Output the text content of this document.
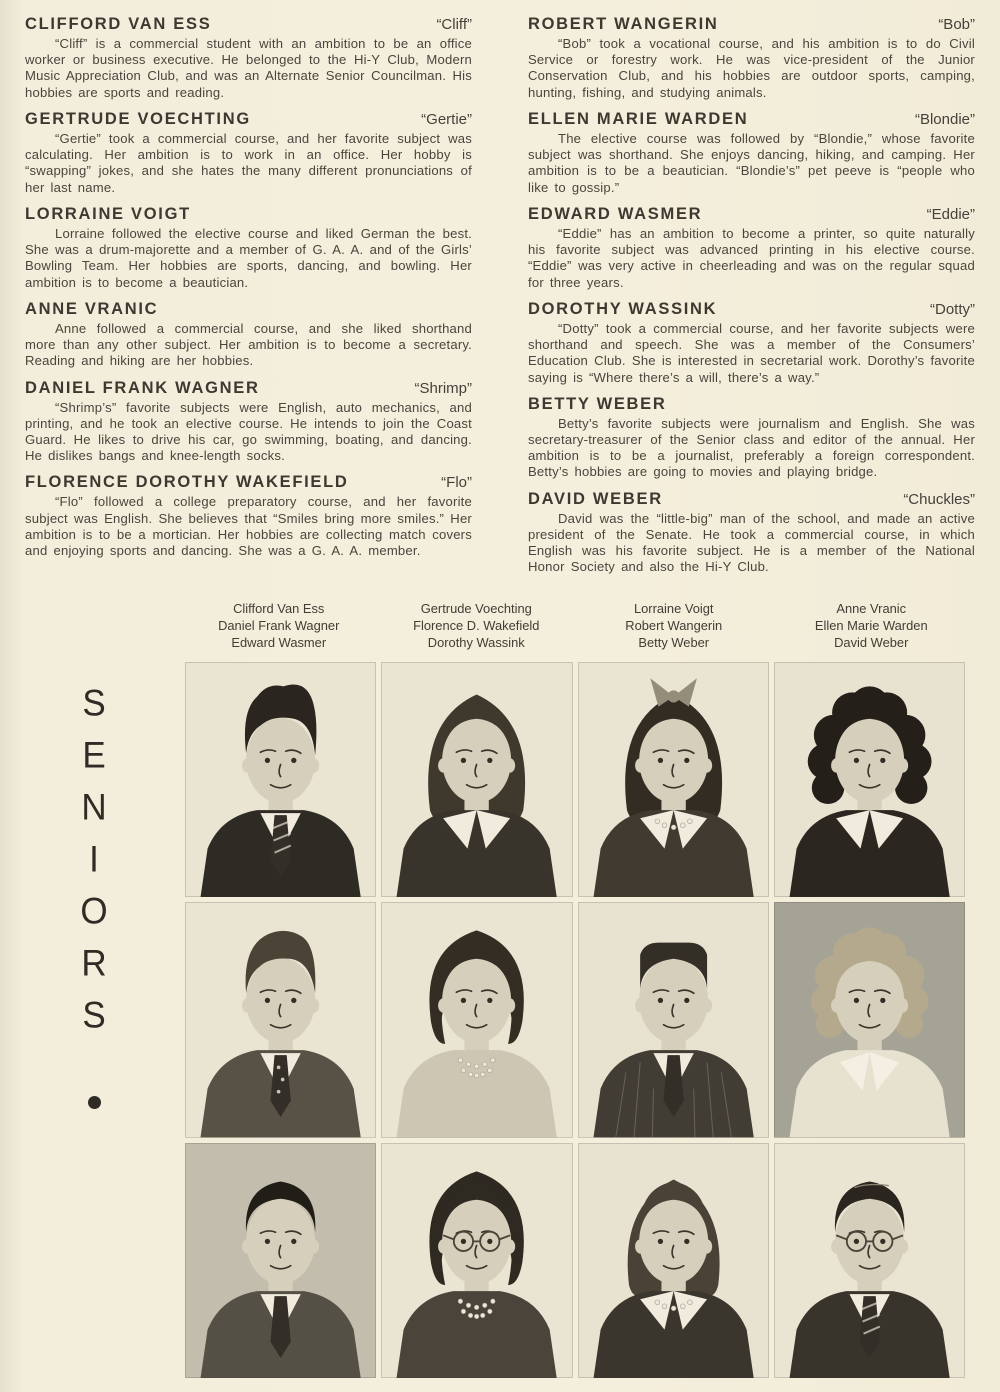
CLIFFORD VAN ESS	“Cliff”

“Cliff” is a commercial student with an ambition to be an office worker or business executive. He belonged to the Hi-Y Club, Modern Music Appreciation Club, and was an Alternate Senior Councilman. His hobbies are sports and reading.

GERTRUDE VOECHTING	“Gertie”

“Gertie” took a commercial course, and her favorite subject was calculating. Her ambition is to work in an office. Her hobby is “swapping” jokes, and she hates the many different pronunciations of her last name.

LORRAINE VOIGT

Lorraine followed the elective course and liked German the best. She was a drum-majorette and a member of G. A. A. and of the Girls’ Bowling Team. Her hobbies are sports, dancing, and bowling. Her ambition is to become a beautician.

ANNE VRANIC

Anne followed a commercial course, and she liked shorthand more than any other subject. Her ambition is to become a secretary. Reading and hiking are her hobbies.

DANIEL FRANK WAGNER	“Shrimp”

“Shrimp’s” favorite subjects were English, auto mechanics, and printing, and he took an elective course. He intends to join the Coast Guard. He likes to drive his car, go swimming, boating, and dancing. He dislikes bangs and knee-length socks.

FLORENCE DOROTHY WAKEFIELD	“Flo”

“Flo” followed a college preparatory course, and her favorite subject was English. She believes that “Smiles bring more smiles.” Her ambition is to be a mortician. Her hobbies are collecting match covers and enjoying sports and dancing. She was a G. A. A. member.

ROBERT WANGERIN	“Bob”

“Bob” took a vocational course, and his ambition is to do Civil Service or forestry work. He was vice-president of the Junior Conservation Club, and his hobbies are outdoor sports, camping, hunting, fishing, and studying animals.

ELLEN MARIE WARDEN	“Blondie”

The elective course was followed by “Blondie,” whose favorite subject was shorthand. She enjoys dancing, hiking, and camping. Her ambition is to be a beautician. “Blondie’s” pet peeve is “people who like to gossip.”

EDWARD WASMER	“Eddie”

“Eddie” has an ambition to become a printer, so quite naturally his favorite subject was advanced printing in his elective course. “Eddie” was very active in cheerleading and was on the regular squad for three years.

DOROTHY WASSINK	“Dotty”

“Dotty” took a commercial course, and her favorite subjects were shorthand and speech. She was a member of the Consumers’ Education Club. She is interested in secretarial work. Dorothy’s favorite saying is “Where there’s a will, there’s a way.”

BETTY WEBER

Betty’s favorite subjects were journalism and English. She was secretary-treasurer of the Senior class and editor of the annual. Her ambition is to be a journalist, preferably a foreign correspondent. Betty’s hobbies are going to movies and playing bridge.

DAVID WEBER	“Chuckles”

David was the “little-big” man of the school, and made an active president of the Senate. He took a commercial course, in which English was his favorite subject. He is a member of the National Honor Society and also the Hi-Y Club.

Clifford Van Ess
Daniel Frank Wagner
Edward Wasmer
Gertrude Voechting
Florence D. Wakefield
Dorothy Wassink
Lorraine Voigt
Robert Wangerin
Betty Weber
Anne Vranic
Ellen Marie Warden
David Weber
S
E
N
I
O
R
S
